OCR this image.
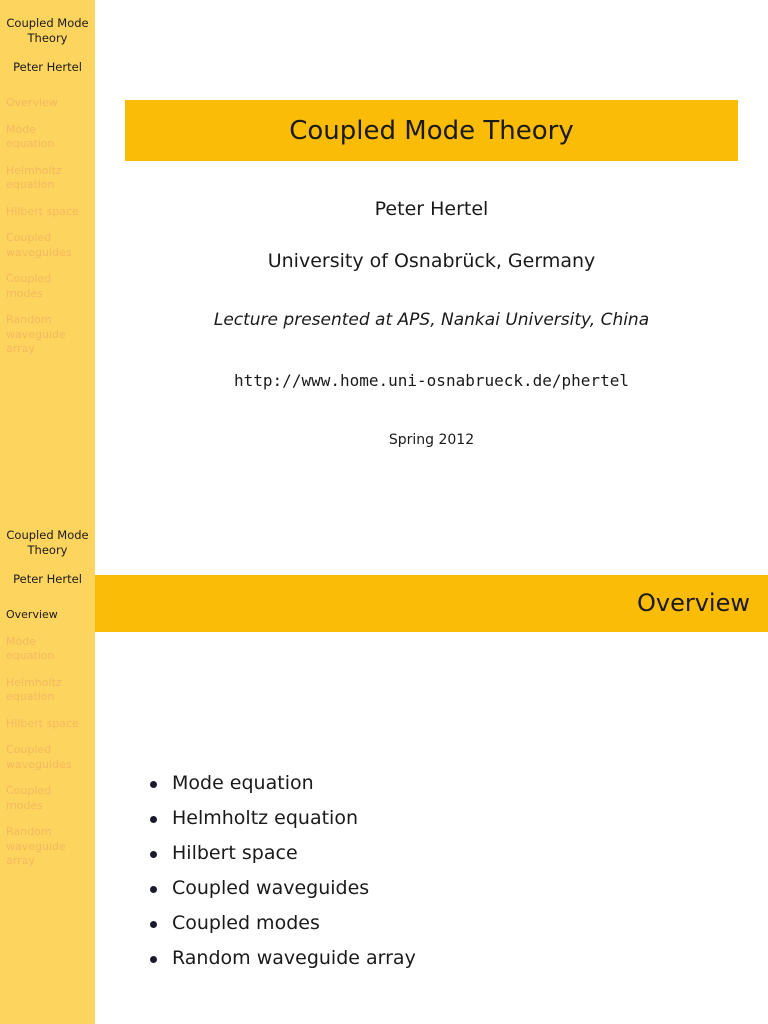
Coupled Mode
Theory
Peter Hertel
Overview
Mode
equation
Helmholtz
equation
Hilbert space
Coupled
waveguides
Coupled
modes
Random
waveguide
array
Coupled Mode Theory
Peter Hertel
University of Osnabrück, Germany
Lecture presented at APS, Nankai University, China
http://www.home.uni-osnabrueck.de/phertel
Spring 2012
Coupled Mode
Theory
Peter Hertel
Overview
Mode
equation
Helmholtz
equation
Hilbert space
Coupled
waveguides
Coupled
modes
Random
waveguide
array
Overview
Mode equation
Helmholtz equation
Hilbert space
Coupled waveguides
Coupled modes
Random waveguide array
